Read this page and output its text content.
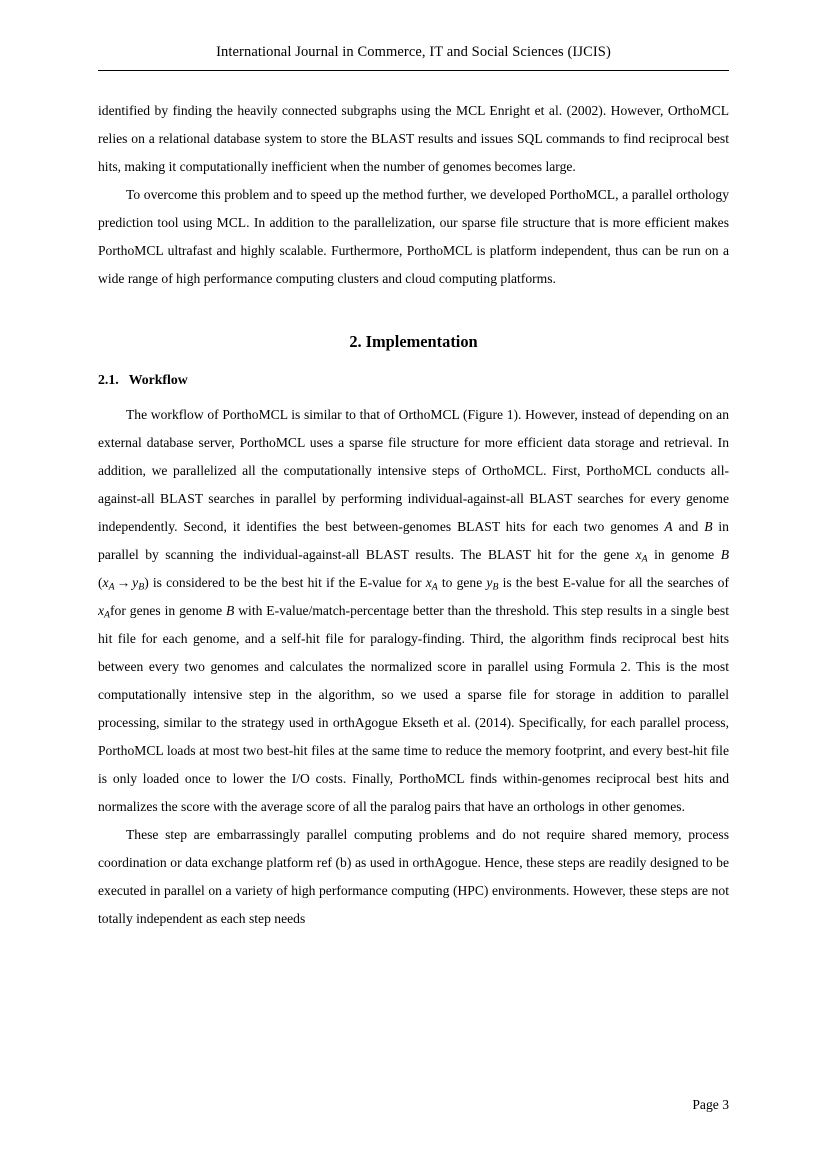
International Journal in Commerce, IT and Social Sciences (IJCIS)

identified by finding the heavily connected subgraphs using the MCL Enright et al. (2002). However, OrthoMCL relies on a relational database system to store the BLAST results and issues SQL commands to find reciprocal best hits, making it computationally inefficient when the number of genomes becomes large.

To overcome this problem and to speed up the method further, we developed PorthoMCL, a parallel orthology prediction tool using MCL. In addition to the parallelization, our sparse file structure that is more efficient makes PorthoMCL ultrafast and highly scalable. Furthermore, PorthoMCL is platform independent, thus can be run on a wide range of high performance computing clusters and cloud computing platforms.

2. Implementation
2.1. Workflow

The workflow of PorthoMCL is similar to that of OrthoMCL (Figure 1). However, instead of depending on an external database server, PorthoMCL uses a sparse file structure for more efficient data storage and retrieval. In addition, we parallelized all the computationally intensive steps of OrthoMCL. First, PorthoMCL conducts all-against-all BLAST searches in parallel by performing individual-against-all BLAST searches for every genome independently. Second, it identifies the best between-genomes BLAST hits for each two genomes A and B in parallel by scanning the individual-against-all BLAST results. The BLAST hit for the gene $x_A$ in genome B $(x_A \to y_B)$ is considered to be the best hit if the E-value for $x_A$ to gene $y_B$ is the best E-value for all the searches of $x_Afor$ genes in genome B with E-value/match-percentage better than the threshold. This step results in a single best hit file for each genome, and a self-hit file for paralogy-finding. Third, the algorithm finds reciprocal best hits between every two genomes and calculates the normalized score in parallel using Formula 2. This is the most computationally intensive step in the algorithm, so we used a sparse file for storage in addition to parallel processing, similar to the strategy used in orthAgogue Ekseth et al. (2014). Specifically, for each parallel process, PorthoMCL loads at most two best-hit files at the same time to reduce the memory footprint, and every best-hit file is only loaded once to lower the I/O costs. Finally, PorthoMCL finds within-genomes reciprocal best hits and normalizes the score with the average score of all the paralog pairs that have an orthologs in other genomes.

These step are embarrassingly parallel computing problems and do not require shared memory, process coordination or data exchange platform ref (b) as used in orthAgogue. Hence, these steps are readily designed to be executed in parallel on a variety of high performance computing (HPC) environments. However, these steps are not totally independent as each step needs

Page 3
